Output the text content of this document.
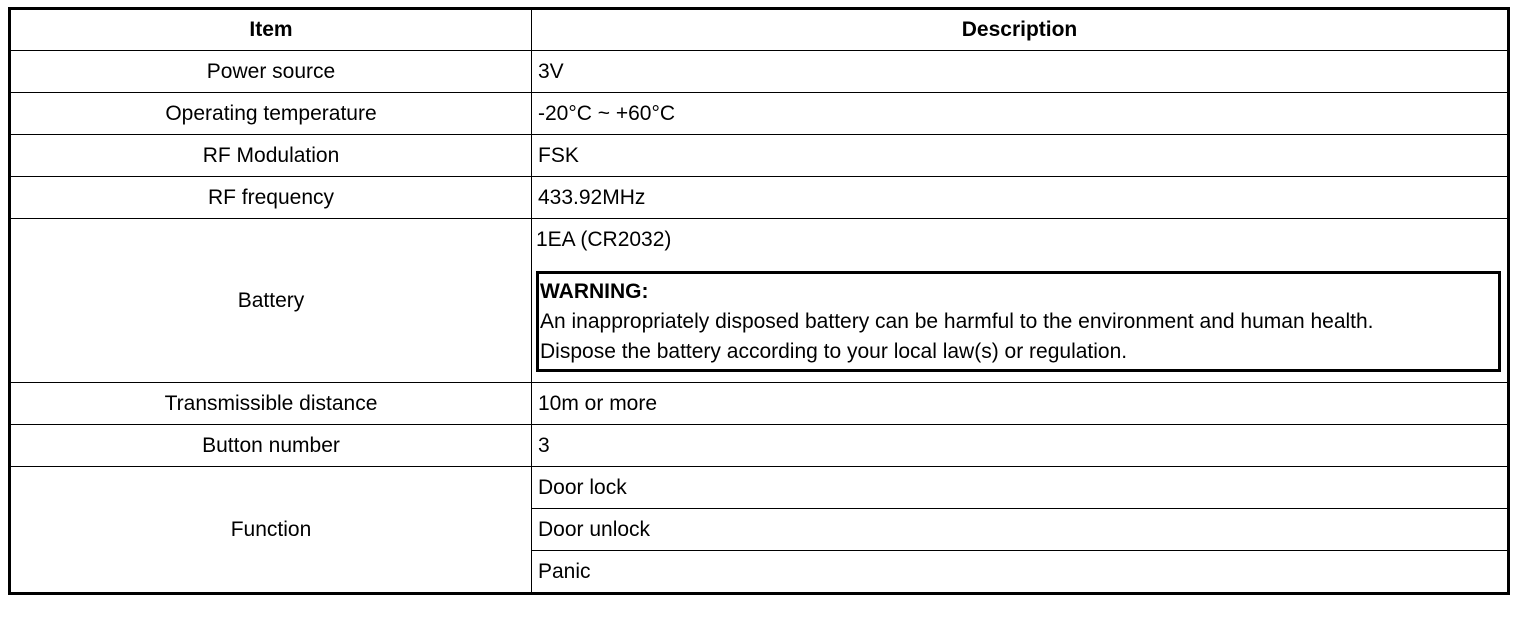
Item	Description
Power source	3V
Operating temperature	-20°C ~ +60°C
RF Modulation	FSK
RF frequency	433.92MHz
Battery	1EA (CR2032)
WARNING:
An inappropriately disposed battery can be harmful to the environment and human health.
Dispose the battery according to your local law(s) or regulation.

Transmissible distance	10m or more
Button number	3
Function	Door lock
	Door unlock
	Panic
